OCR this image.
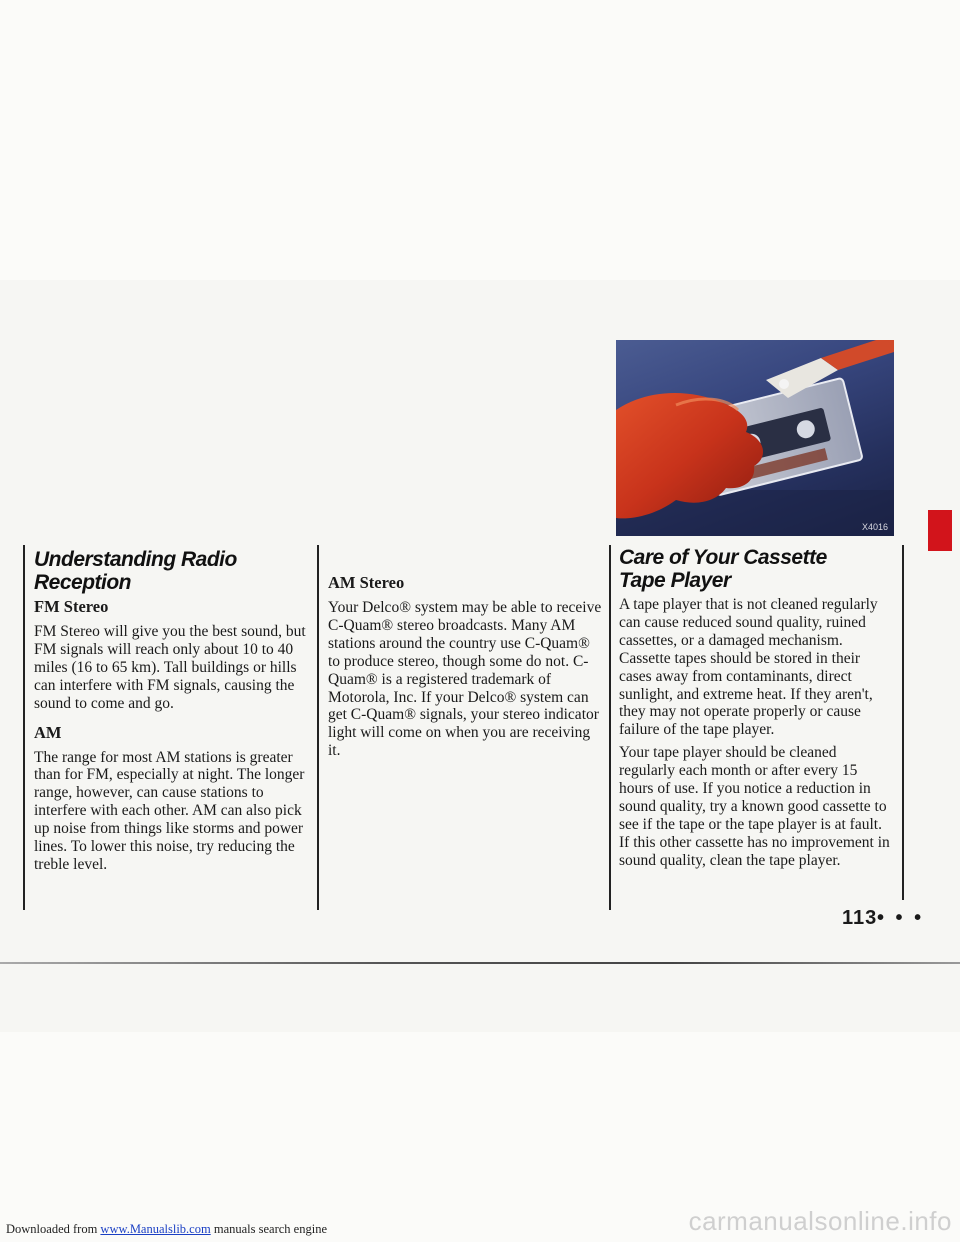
Understanding Radio Reception
FM Stereo

FM Stereo will give you the best sound, but FM signals will reach only about 10 to 40 miles (16 to 65 km). Tall buildings or hills can interfere with FM signals, causing the sound to come and go.

AM

The range for most AM stations is greater than for FM, especially at night. The longer range, however, can cause stations to interfere with each other. AM can also pick up noise from things like storms and power lines. To lower this noise, try reducing the treble level.

AM Stereo

Your Delco® system may be able to receive C-Quam® stereo broadcasts. Many AM stations around the country use C-Quam® to produce stereo, though some do not. C-Quam® is a registered trademark of Motorola, Inc. If your Delco® system can get C-Quam® signals, your stereo indicator light will come on when you are receiving it.

X4016
Care of Your Cassette Tape Player

A tape player that is not cleaned regularly can cause reduced sound quality, ruined cassettes, or a damaged mechanism. Cassette tapes should be stored in their cases away from contaminants, direct sunlight, and extreme heat. If they aren't, they may not operate properly or cause failure of the tape player.

Your tape player should be cleaned regularly each month or after every 15 hours of use. If you notice a reduction in sound quality, try a known good cassette to see if the tape or the tape player is at fault. If this other cassette has no improvement in sound quality, clean the tape player.

113 • • •
Downloaded from www.Manualslib.com manuals search engine	carmanualsonline.info
